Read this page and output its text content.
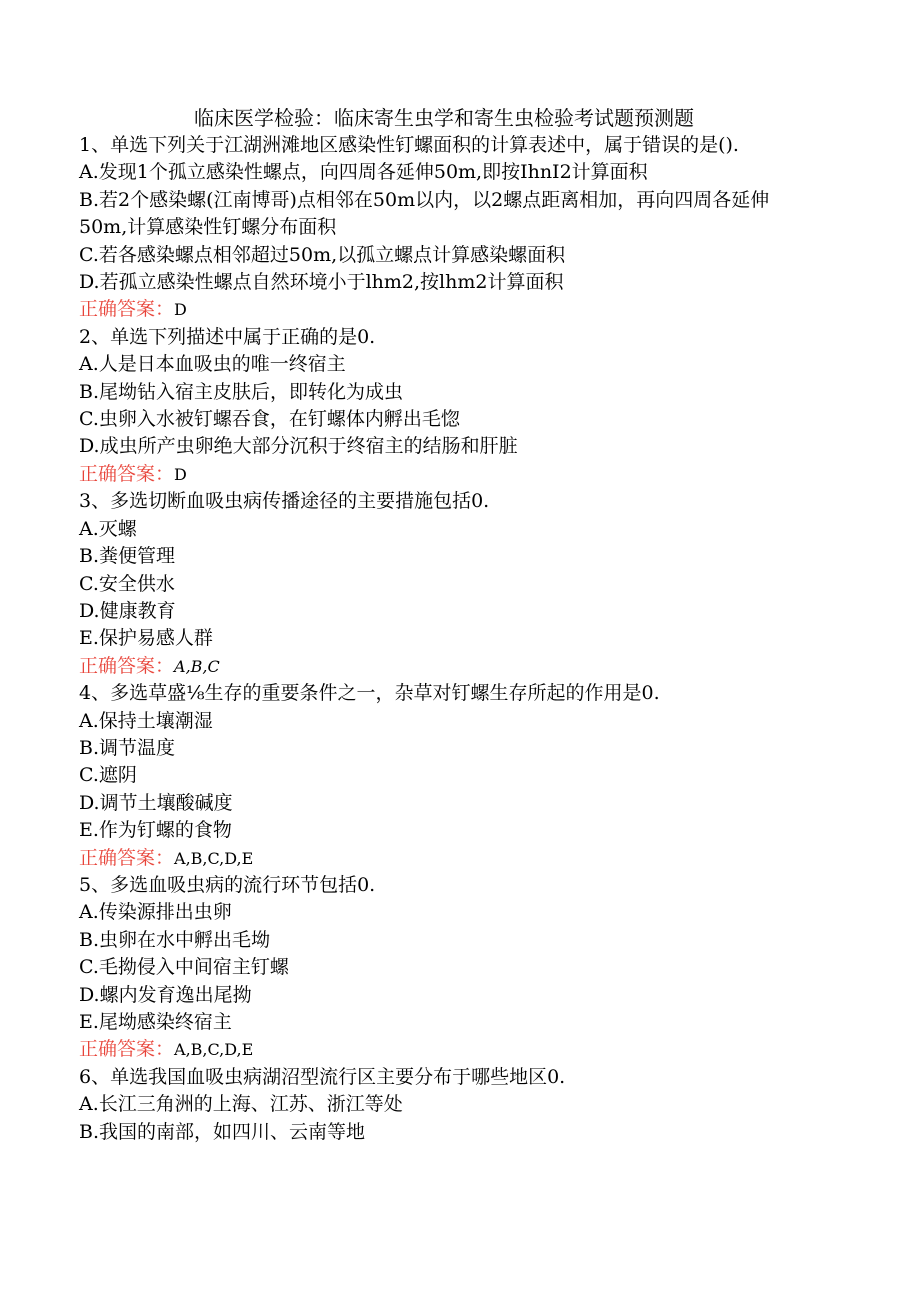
临床医学检验：临床寄生虫学和寄生虫检验考试题预测题

1、单选下列关于江湖洲滩地区感染性钉螺面积的计算表述中，属于错误的是().

A.发现1个孤立感染性螺点，向四周各延伸50m,即按IhnI2计算面积

B.若2个感染螺(江南博哥)点相邻在50m以内，以2螺点距离相加，再向四周各延伸50m,计算感染性钉螺分布面积

C.若各感染螺点相邻超过50m,以孤立螺点计算感染螺面积

D.若孤立感染性螺点自然环境小于lhm2,按lhm2计算面积

正确答案：D

2、单选下列描述中属于正确的是0.

A.人是日本血吸虫的唯一终宿主

B.尾坳钻入宿主皮肤后，即转化为成虫

C.虫卵入水被钉螺吞食，在钉螺体内孵出毛惚

D.成虫所产虫卵绝大部分沉积于终宿主的结肠和肝脏

正确答案：D

3、多选切断血吸虫病传播途径的主要措施包括0.

A.灭螺

B.粪便管理

C.安全供水

D.健康教育

E.保护易感人群

正确答案：A,B,C

4、多选草盛⅛生存的重要条件之一，杂草对钉螺生存所起的作用是0.

A.保持土壤潮湿

B.调节温度

C.遮阴

D.调节土壤酸碱度

E.作为钉螺的食物

正确答案：A,B,C,D,E

5、多选血吸虫病的流行环节包括0.

A.传染源排出虫卵

B.虫卵在水中孵出毛坳

C.毛拗侵入中间宿主钉螺

D.螺内发育逸出尾拗

E.尾坳感染终宿主

正确答案：A,B,C,D,E

6、单选我国血吸虫病湖沼型流行区主要分布于哪些地区0.

A.长江三角洲的上海、江苏、浙江等处

B.我国的南部，如四川、云南等地
